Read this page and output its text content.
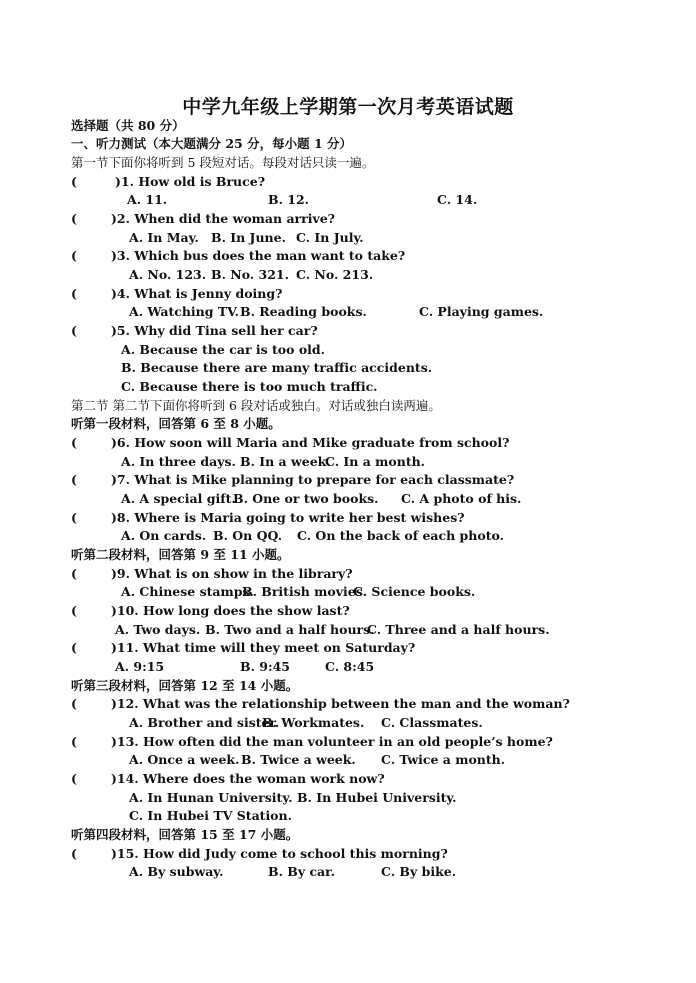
中学九年级上学期第一次月考英语试题
选择题（共 80 分）
一、听力测试（本大题满分 25 分，每小题 1 分）
第一节下面你将听到 5 段短对话。每段对话只读一遍。
(	)1. How old is Bruce?
A. 11.	B. 12.	C. 14.
(	)2. When did the woman arrive?
A. In May. B. In June. C. In July.
(	)3. Which bus does the man want to take?
A. No. 123. B. No. 321. C. No. 213.
(	)4. What is Jenny doing?
A. Watching TV. B. Reading books.	C. Playing games.
(	)5. Why did Tina sell her car?
A. Because the car is too old.
B. Because there are many traffic accidents.
C. Because there is too much traffic.
第二节 第二节下面你将听到 6 段对话或独白。对话或独白读两遍。
听第一段材料，回答第 6 至 8 小题。
(	)6. How soon will Maria and Mike graduate from school?
A. In three days. B. In a week.
C. In a month.
(	)7. What is Mike planning to prepare for each classmate?
A. A special gift.
B. One or two books. C. A photo of his.
(	)8. Where is Maria going to write her best wishes?
A. On cards. B. On QQ. C. On the back of each photo.
听第二段材料，回答第 9 至 11 小题。
(	)9. What is on show in the library?
A. Chinese stamps.
B. British movies.
C. Science books.
(	)10. How long does the show last?
A. Two days. B. Two and a half hours.
C. Three and a half hours.
(	)11. What time will they meet on Saturday?
A. 9:15	B. 9:45	C. 8:45
听第三段材料，回答第 12 至 14 小题。
(	)12. What was the relationship between the man and the woman?
A. Brother and sister.
B. Workmates. C. Classmates.
(	)13. How often did the man volunteer in an old people’s home?
A. Once a week. B. Twice a week. C. Twice a month.
(	)14. Where does the woman work now?
A. In Hunan University. B. In Hubei University.
C. In Hubei TV Station.
听第四段材料，回答第 15 至 17 小题。
(	)15. How did Judy come to school this morning?
A. By subway.	B. By car.	C. By bike.
